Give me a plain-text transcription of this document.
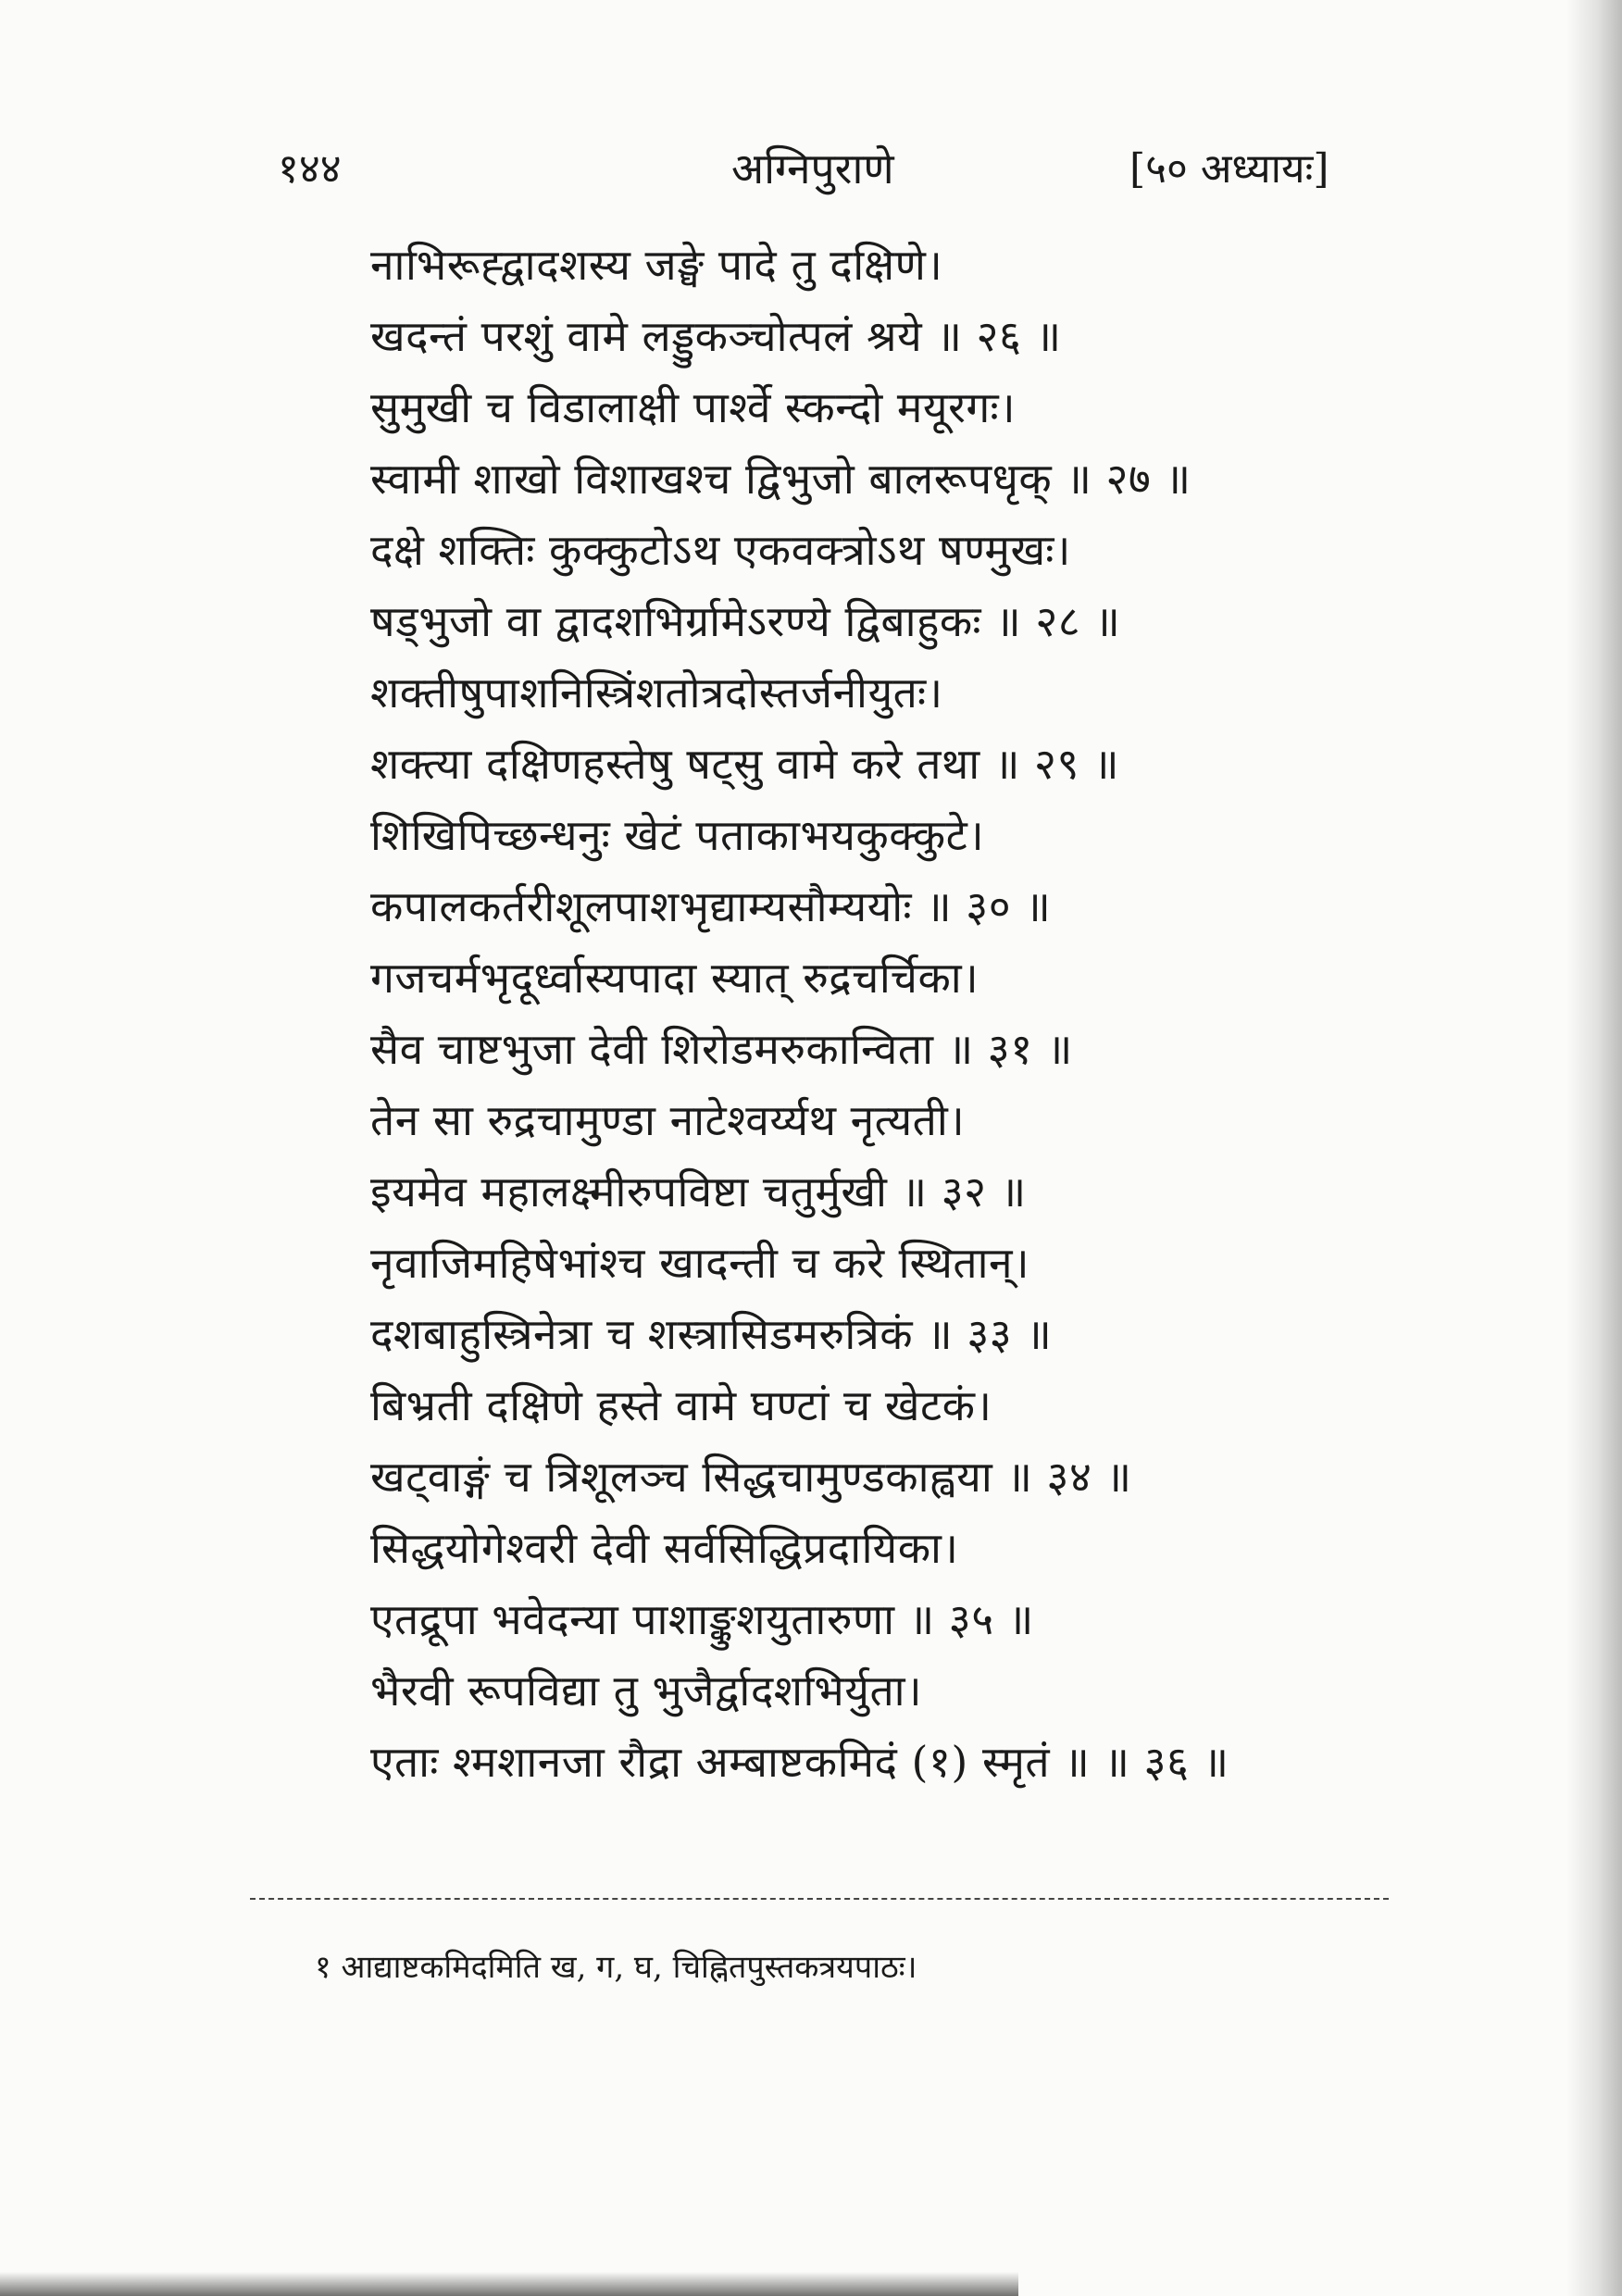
१४४	अग्निपुराणे	[५० अध्यायः]
नाभिरूह्द्वादशस्य जङ्घे पादे तु दक्षिणे।
खदन्तं परशुं वामे लड्डुकञ्चोत्पलं श्रये ॥ २६ ॥
सुमुखी च विडालाक्षी पार्श्वे स्कन्दो मयूरगः।
स्वामी शाखो विशाखश्च द्विभुजो बालरूपधृक् ॥ २७ ॥
दक्षे शक्तिः कुक्कुटोऽथ एकवक्त्रोऽथ षण्मुखः।
षड्भुजो वा द्वादशभिर्ग्रामेऽरण्ये द्विबाहुकः ॥ २८ ॥
शक्तीषुपाशनिस्त्रिंशतोत्रदोस्तर्जनीयुतः।
शक्त्या दक्षिणहस्तेषु षट्सु वामे करे तथा ॥ २९ ॥
शिखिपिच्छन्धनुः खेटं पताकाभयकुक्कुटे।
कपालकर्तरीशूलपाशभृद्याम्यसौम्ययोः ॥ ३० ॥
गजचर्मभृदूर्ध्वास्यपादा स्यात् रुद्रचर्चिका।
सैव चाष्टभुजा देवी शिरोडमरुकान्विता ॥ ३१ ॥
तेन सा रुद्रचामुण्डा नाटेश्वर्य्यथ नृत्यती।
इयमेव महालक्ष्मीरुपविष्टा चतुर्मुखी ॥ ३२ ॥
नृवाजिमहिषेभांश्च खादन्ती च करे स्थितान्।
दशबाहुस्त्रिनेत्रा च शस्त्रासिडमरुत्रिकं ॥ ३३ ॥
बिभ्रती दक्षिणे हस्ते वामे घण्टां च खेटकं।
खट्वाङ्गं च त्रिशूलञ्च सिद्धचामुण्डकाह्वया ॥ ३४ ॥
सिद्धयोगेश्वरी देवी सर्वसिद्धिप्रदायिका।
एतद्रूपा भवेदन्या पाशाङ्कुशयुतारुणा ॥ ३५ ॥
भैरवी रूपविद्या तु भुजैर्द्वादशभिर्युता।
एताः श्मशानजा रौद्रा अम्बाष्टकमिदं (१) स्मृतं ॥ ॥ ३६ ॥
१ आद्याष्टकमिदमिति ख, ग, घ, चिह्नितपुस्तकत्रयपाठः।
